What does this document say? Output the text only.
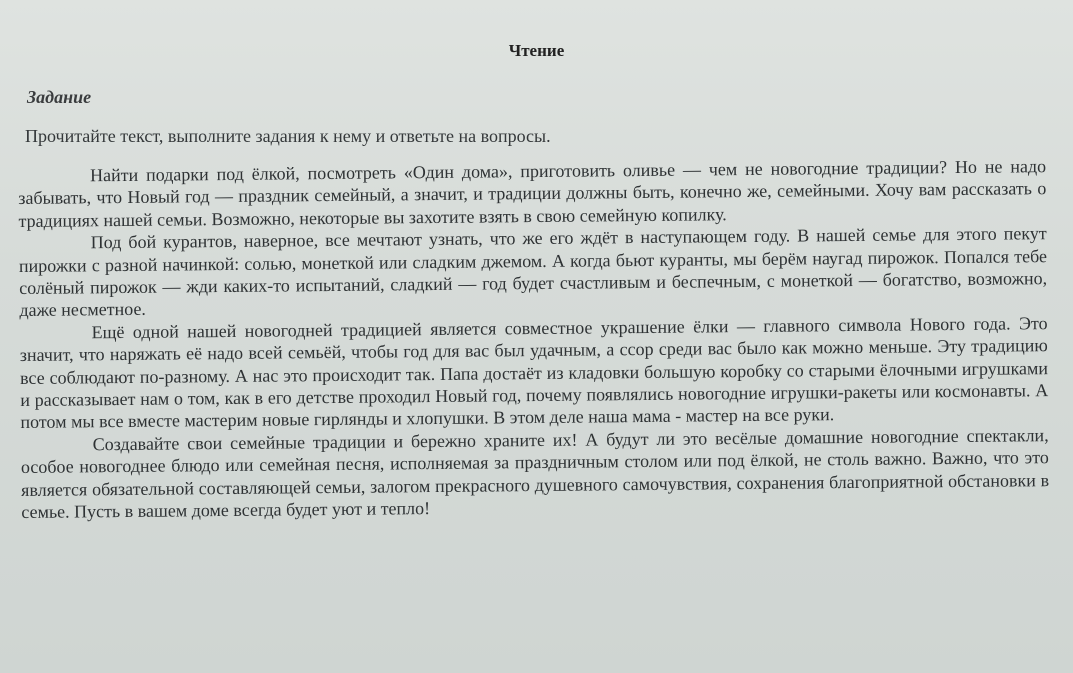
Чтение
Задание
Прочитайте текст, выполните задания к нему и ответьте на вопросы.

Найти подарки под ёлкой, посмотреть «Один дома», приготовить оливье — чем не новогодние традиции? Но не надо забывать, что Новый год — праздник семейный, а значит, и традиции должны быть, конечно же, семейными. Хочу вам рассказать о традициях нашей семьи. Возможно, некоторые вы захотите взять в свою семейную копилку.

Под бой курантов, наверное, все мечтают узнать, что же его ждёт в наступающем году. В нашей семье для этого пекут пирожки с разной начинкой: солью, монеткой или сладким джемом. А когда бьют куранты, мы берём наугад пирожок. Попался тебе солёный пирожок — жди каких-то испытаний, сладкий — год будет счастливым и беспечным, с монеткой — богатство, возможно, даже несметное.

Ещё одной нашей новогодней традицией является совместное украшение ёлки — главного символа Нового года. Это значит, что наряжать её надо всей семьёй, чтобы год для вас был удачным, а ссор среди вас было как можно меньше. Эту традицию все соблюдают по-разному. А нас это происходит так. Папа достаёт из кладовки большую коробку со старыми ёлочными игрушками и рассказывает нам о том, как в его детстве проходил Новый год, почему появлялись новогодние игрушки-ракеты или космонавты. А потом мы все вместе мастерим новые гирлянды и хлопушки. В этом деле наша мама - мастер на все руки.

Создавайте свои семейные традиции и бережно храните их! А будут ли это весёлые домашние новогодние спектакли, особое новогоднее блюдо или семейная песня, исполняемая за праздничным столом или под ёлкой, не столь важно. Важно, что это является обязательной составляющей семьи, залогом прекрасного душевного самочувствия, сохранения благоприятной обстановки в семье. Пусть в вашем доме всегда будет уют и тепло!
